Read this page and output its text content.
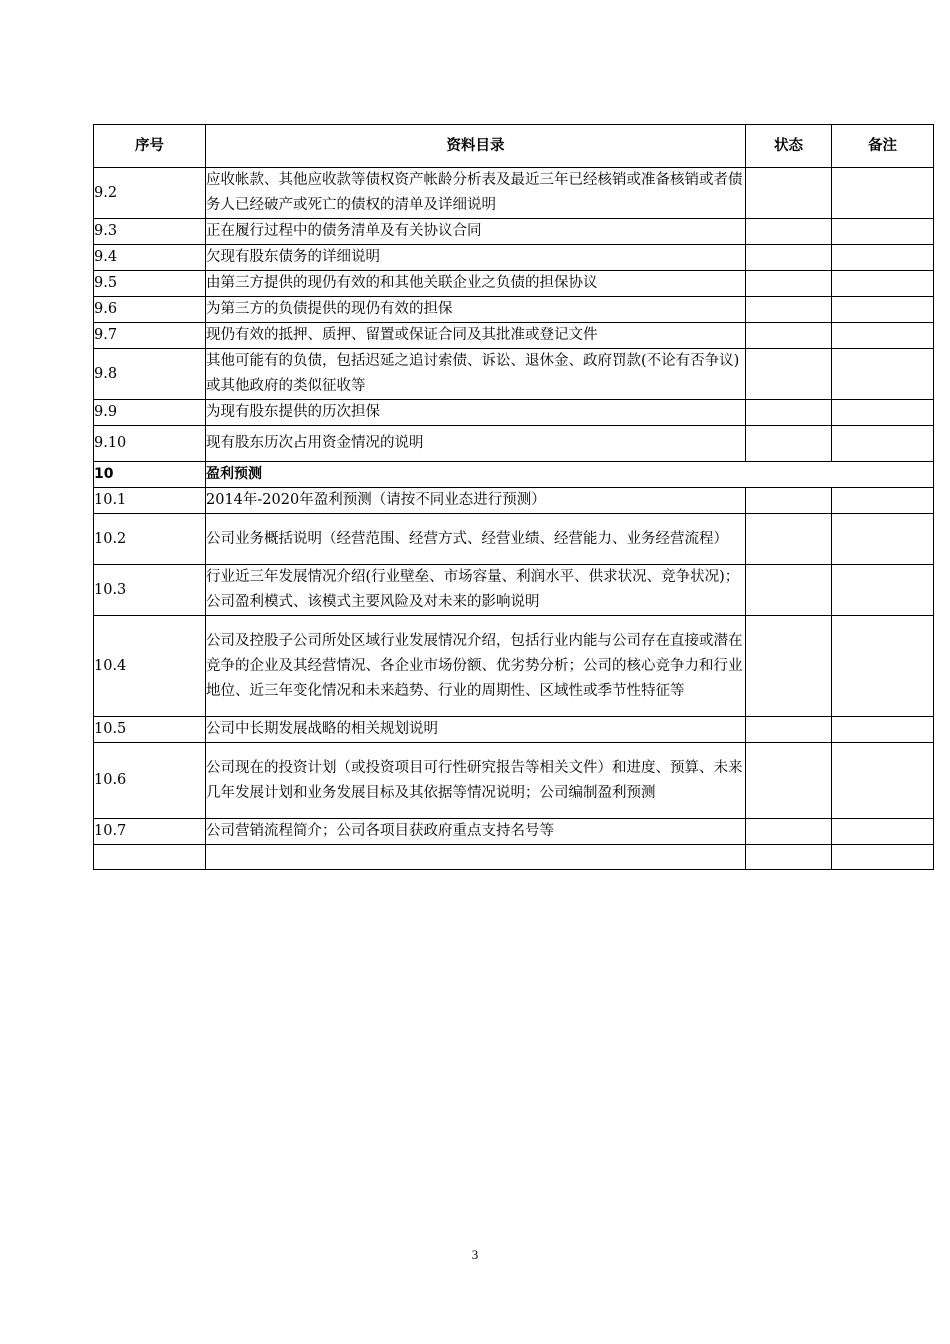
序号	资料目录	状态	备注
9.2	应收帐款、其他应收款等债权资产帐龄分析表及最近三年已经核销或准备核销或者债务人已经破产或死亡的债权的清单及详细说明		
9.3	正在履行过程中的债务清单及有关协议合同		
9.4	欠现有股东债务的详细说明		
9.5	由第三方提供的现仍有效的和其他关联企业之负债的担保协议		
9.6	为第三方的负债提供的现仍有效的担保		
9.7	现仍有效的抵押、质押、留置或保证合同及其批准或登记文件		
9.8	其他可能有的负债，包括迟延之追讨索债、诉讼、退休金、政府罚款(不论有否争议)或其他政府的类似征收等		
9.9	为现有股东提供的历次担保		
9.10	现有股东历次占用资金情况的说明		
10	盈利预测		
10.1	2014年-2020年盈利预测（请按不同业态进行预测）		
10.2	公司业务概括说明（经营范围、经营方式、经营业绩、经营能力、业务经营流程）		
10.3	行业近三年发展情况介绍(行业壁垒、市场容量、利润水平、供求状况、竞争状况)；公司盈利模式、该模式主要风险及对未来的影响说明		
10.4	公司及控股子公司所处区域行业发展情况介绍，包括行业内能与公司存在直接或潜在竞争的企业及其经营情况、各企业市场份额、优劣势分析；公司的核心竞争力和行业地位、近三年变化情况和未来趋势、行业的周期性、区域性或季节性特征等		
10.5	公司中长期发展战略的相关规划说明		
10.6	公司现在的投资计划（或投资项目可行性研究报告等相关文件）和进度、预算、未来几年发展计划和业务发展目标及其依据等情况说明；公司编制盈利预测		
10.7	公司营销流程简介；公司各项目获政府重点支持名号等		

3
